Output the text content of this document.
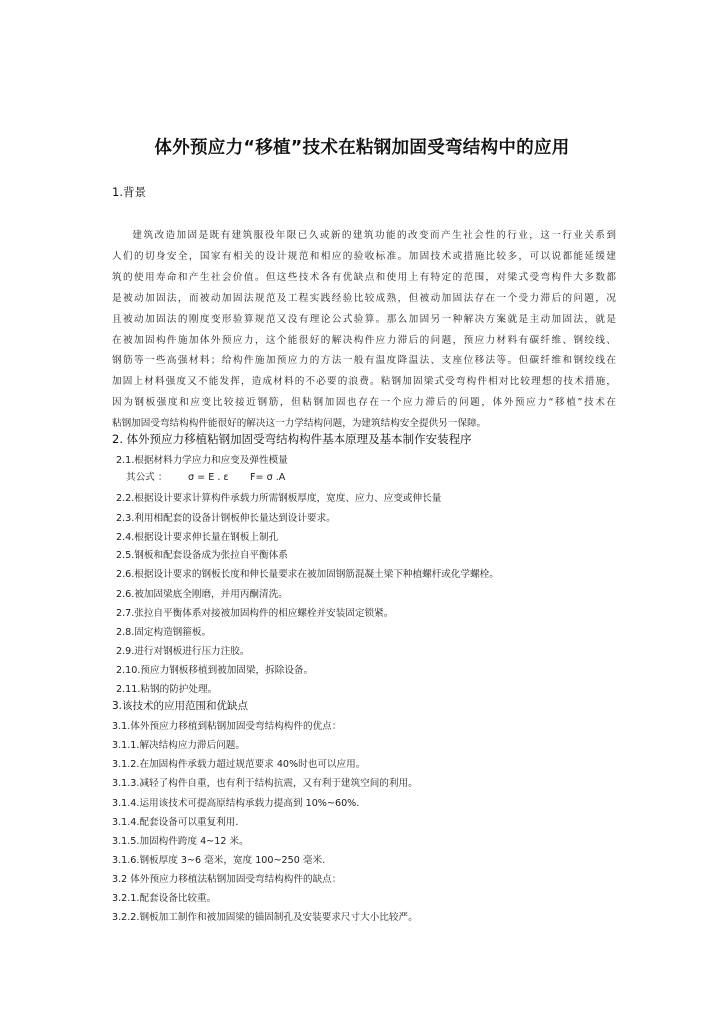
体外预应力“移植”技术在粘钢加固受弯结构中的应用
1.背景
建筑改造加固是既有建筑服役年限已久或新的建筑功能的改变而产生社会性的行业，这一行业关系到
人们的切身安全，国家有相关的设计规范和相应的验收标准。加固技术或措施比较多，可以说都能延缓建
筑的使用寿命和产生社会价值。但这些技术各有优缺点和使用上有特定的范围，对梁式受弯构件大多数都
是被动加固法，而被动加固法规范及工程实践经验比较成熟，但被动加固法存在一个受力滞后的问题，况
且被动加固法的刚度变形验算规范又没有理论公式验算。那么加固另一种解决方案就是主动加固法，就是
在被加固构件施加体外预应力，这个能很好的解决构件应力滞后的问题，预应力材料有碳纤维、钢绞线、
钢筋等一些高强材料；给构件施加预应力的方法一般有温度降温法、支座位移法等。但碳纤维和钢绞线在
加固上材料强度又不能发挥，造成材料的不必要的浪费。粘钢加固梁式受弯构件相对比较理想的技术措施，
因为钢板强度和应变比较接近钢筋，但粘钢加固也存在一个应力滞后的问题，体外预应力“移植”技术在
粘钢加固受弯结构构件能很好的解决这一力学结构问题，为建筑结构安全提供另一保障。
2. 体外预应力移植粘钢加固受弯结构构件基本原理及基本制作安装程序
2.1.根据材料力学应力和应变及弹性模量
其公式 ： σ = E . ε F= σ .A
2.2.根据设计要求计算构件承载力所需钢板厚度，宽度、应力、应变或伸长量
2.3.利用相配套的设备计钢板伸长量达到设计要求。
2.4.根据设计要求伸长量在钢板上制孔
2.5.钢板和配套设备成为张拉自平衡体系
2.6.根据设计要求的钢板长度和伸长量要求在被加固钢筋混凝土梁下种植螺杆或化学螺栓。
2.6.被加固梁底全刚磨，并用丙酮清洗。
2.7.张拉自平衡体系对接被加固构件的相应螺栓并安装固定锁紧。
2.8.固定构造钢箍板。
2.9.进行对钢板进行压力注胶。
2.10.预应力钢板移植到被加固梁，拆除设备。
2.11.粘钢的防护处理。
3.该技术的应用范围和优缺点
3.1.体外预应力移植到粘钢加固受弯结构构件的优点：
3.1.1.解决结构应力滞后问题。
3.1.2.在加固构件承载力超过规范要求 40%时也可以应用。
3.1.3.减轻了构件自重，也有利于结构抗震，又有利于建筑空间的利用。
3.1.4.运用该技术可提高原结构承载力提高到 10%~60%.
3.1.4.配套设备可以重复利用.
3.1.5.加固构件跨度 4~12 米。
3.1.6.钢板厚度 3~6 毫米，宽度 100~250 毫米.
3.2 体外预应力移植法粘钢加固受弯结构构件的缺点：
3.2.1.配套设备比较重。
3.2.2.钢板加工制作和被加固梁的锚固制孔及安装要求尺寸大小比较严。
